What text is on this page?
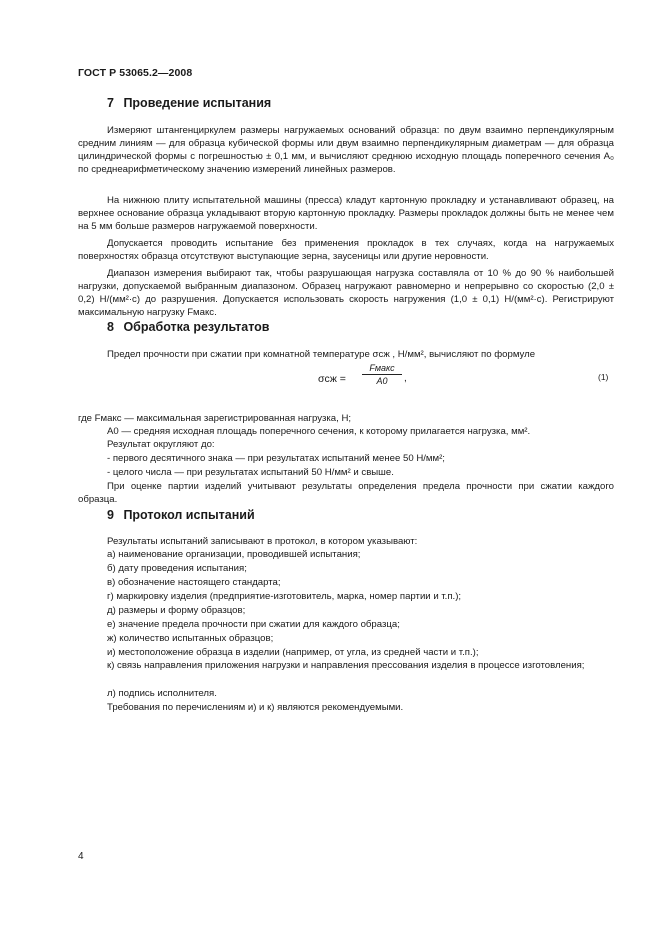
ГОСТ Р 53065.2—2008
7 Проведение испытания
Измеряют штангенциркулем размеры нагружаемых оснований образца: по двум взаимно перпендикулярным средним линиям — для образца кубической формы или двум взаимно перпендикулярным диаметрам — для образца цилиндрической формы с погрешностью ± 0,1 мм, и вычисляют среднюю исходную площадь поперечного сечения A₀ по среднеарифметическому значению измерений линейных размеров.
На нижнюю плиту испытательной машины (пресса) кладут картонную прокладку и устанавливают образец, на верхнее основание образца укладывают вторую картонную прокладку. Размеры прокладок должны быть не менее чем на 5 мм больше размеров нагружаемой поверхности.
Допускается проводить испытание без применения прокладок в тех случаях, когда на нагружаемых поверхностях образца отсутствуют выступающие зерна, заусеницы или другие неровности.
Диапазон измерения выбирают так, чтобы разрушающая нагрузка составляла от 10 % до 90 % наибольшей нагрузки, допускаемой выбранным диапазоном. Образец нагружают равномерно и непрерывно со скоростью (2,0 ± 0,2) Н/(мм²·с) до разрушения. Допускается использовать скорость нагружения (1,0 ± 0,1) Н/(мм²·с). Регистрируют максимальную нагрузку Fмакс.
8 Обработка результатов
Предел прочности при сжатии при комнатной температуре σсж , Н/мм², вычисляют по формуле
σсж =
Fмакс
A0	,	(1)
где Fмакс — максимальная зарегистрированная нагрузка, Н;
A0 — средняя исходная площадь поперечного сечения, к которому прилагается нагрузка, мм².
Результат округляют до:
- первого десятичного знака — при результатах испытаний менее 50 Н/мм²;
- целого числа — при результатах испытаний 50 Н/мм² и свыше.
При оценке партии изделий учитывают результаты определения предела прочности при сжатии каждого образца.
9 Протокол испытаний
Результаты испытаний записывают в протокол, в котором указывают:
а) наименование организации, проводившей испытания;
б) дату проведения испытания;
в) обозначение настоящего стандарта;
г) маркировку изделия (предприятие-изготовитель, марка, номер партии и т.п.);
д) размеры и форму образцов;
е) значение предела прочности при сжатии для каждого образца;
ж) количество испытанных образцов;
и) местоположение образца в изделии (например, от угла, из средней части и т.п.);
к) связь направления приложения нагрузки и направления прессования изделия в процессе изготовления;
л) подпись исполнителя.
Требования по перечислениям и) и к) являются рекомендуемыми.
4
